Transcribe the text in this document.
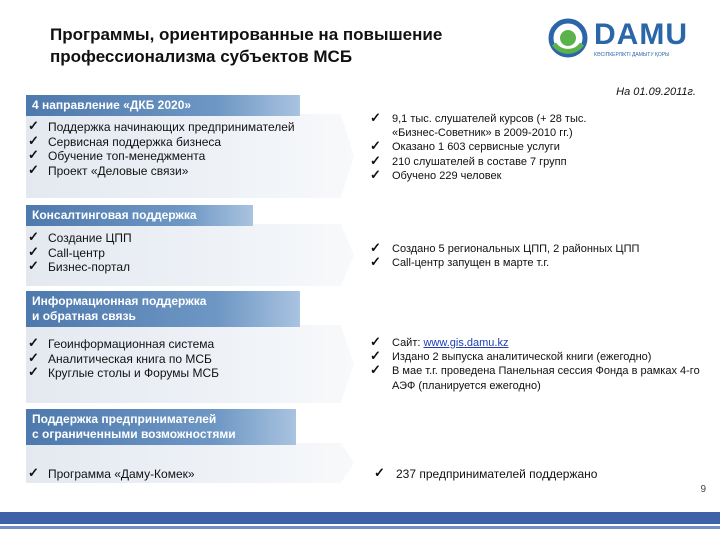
Программы, ориентированные на повышение профессионализма субъектов МСБ
DAMU
КӘСІПКЕРЛІКТІ ДАМЫТУ ҚОРЫ
На 01.09.2011г.
4 направление «ДКБ 2020»
✓ Поддержка начинающих предпринимателей
✓ Сервисная поддержка бизнеса
✓ Обучение топ-менеджмента
✓ Проект «Деловые связи»
✓ 9,1 тыс. слушателей курсов (+ 28 тыс. «Бизнес-Советник» в 2009-2010 гг.)
✓ Оказано 1 603 сервисные услуги
✓ 210 слушателей в составе 7 групп
✓ Обучено 229 человек
Консалтинговая поддержка
✓ Создание ЦПП
✓ Call-центр
✓ Бизнес-портал
✓ Создано 5 региональных ЦПП, 2 районных ЦПП
✓ Call-центр запущен в марте т.г.
Информационная поддержка
и обратная связь
✓ Геоинформационная система
✓ Аналитическая книга по МСБ
✓ Круглые столы и Форумы МСБ
✓ Сайт: www.gis.damu.kz
✓ Издано 2 выпуска аналитической книги (ежегодно)
✓ В мае т.г. проведена Панельная сессия Фонда в рамках 4-го АЭФ (планируется ежегодно)
Поддержка предпринимателей
с ограниченными возможностями
✓ Программа «Даму-Комек»	✓ 237 предпринимателей поддержано
9
